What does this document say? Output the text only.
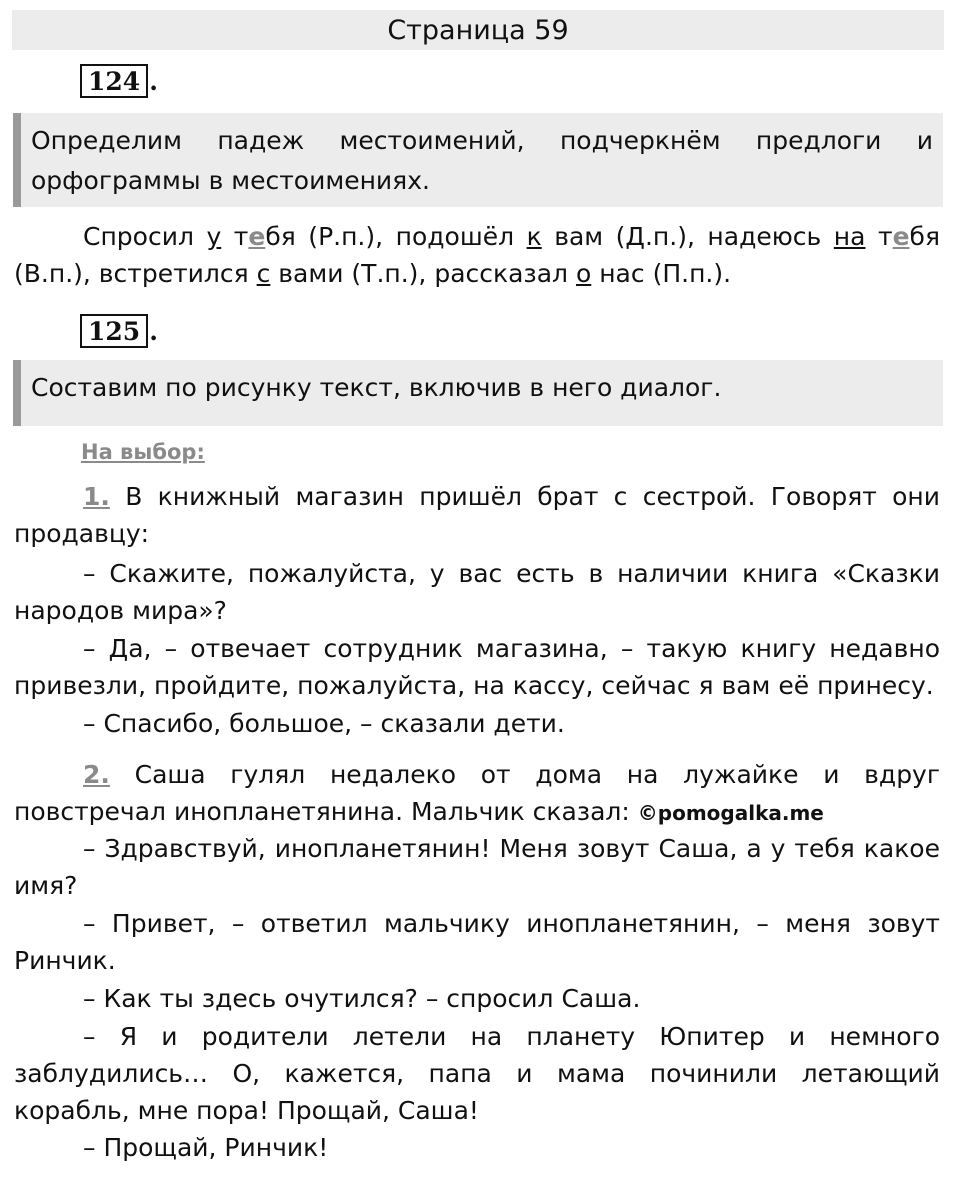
Страница 59
124 .
Определим падеж местоимений, подчеркнём предлоги и орфограммы в местоимениях.
Спросил у тебя (Р.п.), подошёл к вам (Д.п.), надеюсь на тебя (В.п.), встретился с вами (Т.п.), рассказал о нас (П.п.).
125 .
Составим по рисунку текст, включив в него диалог.
На выбор:
1. В книжный магазин пришёл брат с сестрой. Говорят они продавцу:
– Скажите, пожалуйста, у вас есть в наличии книга «Сказки народов мира»?
– Да, – отвечает сотрудник магазина, – такую книгу недавно привезли, пройдите, пожалуйста, на кассу, сейчас я вам её принесу.
– Спасибо, большое, – сказали дети.
2. Саша гулял недалеко от дома на лужайке и вдруг повстречал инопланетянина. Мальчик сказал: ©pomogalka.me
– Здравствуй, инопланетянин! Меня зовут Саша, а у тебя какое имя?
– Привет, – ответил мальчику инопланетянин, – меня зовут Ринчик.
– Как ты здесь очутился? – спросил Саша.
– Я и родители летели на планету Юпитер и немного заблудились… О, кажется, папа и мама починили летающий корабль, мне пора! Прощай, Саша!
– Прощай, Ринчик!
